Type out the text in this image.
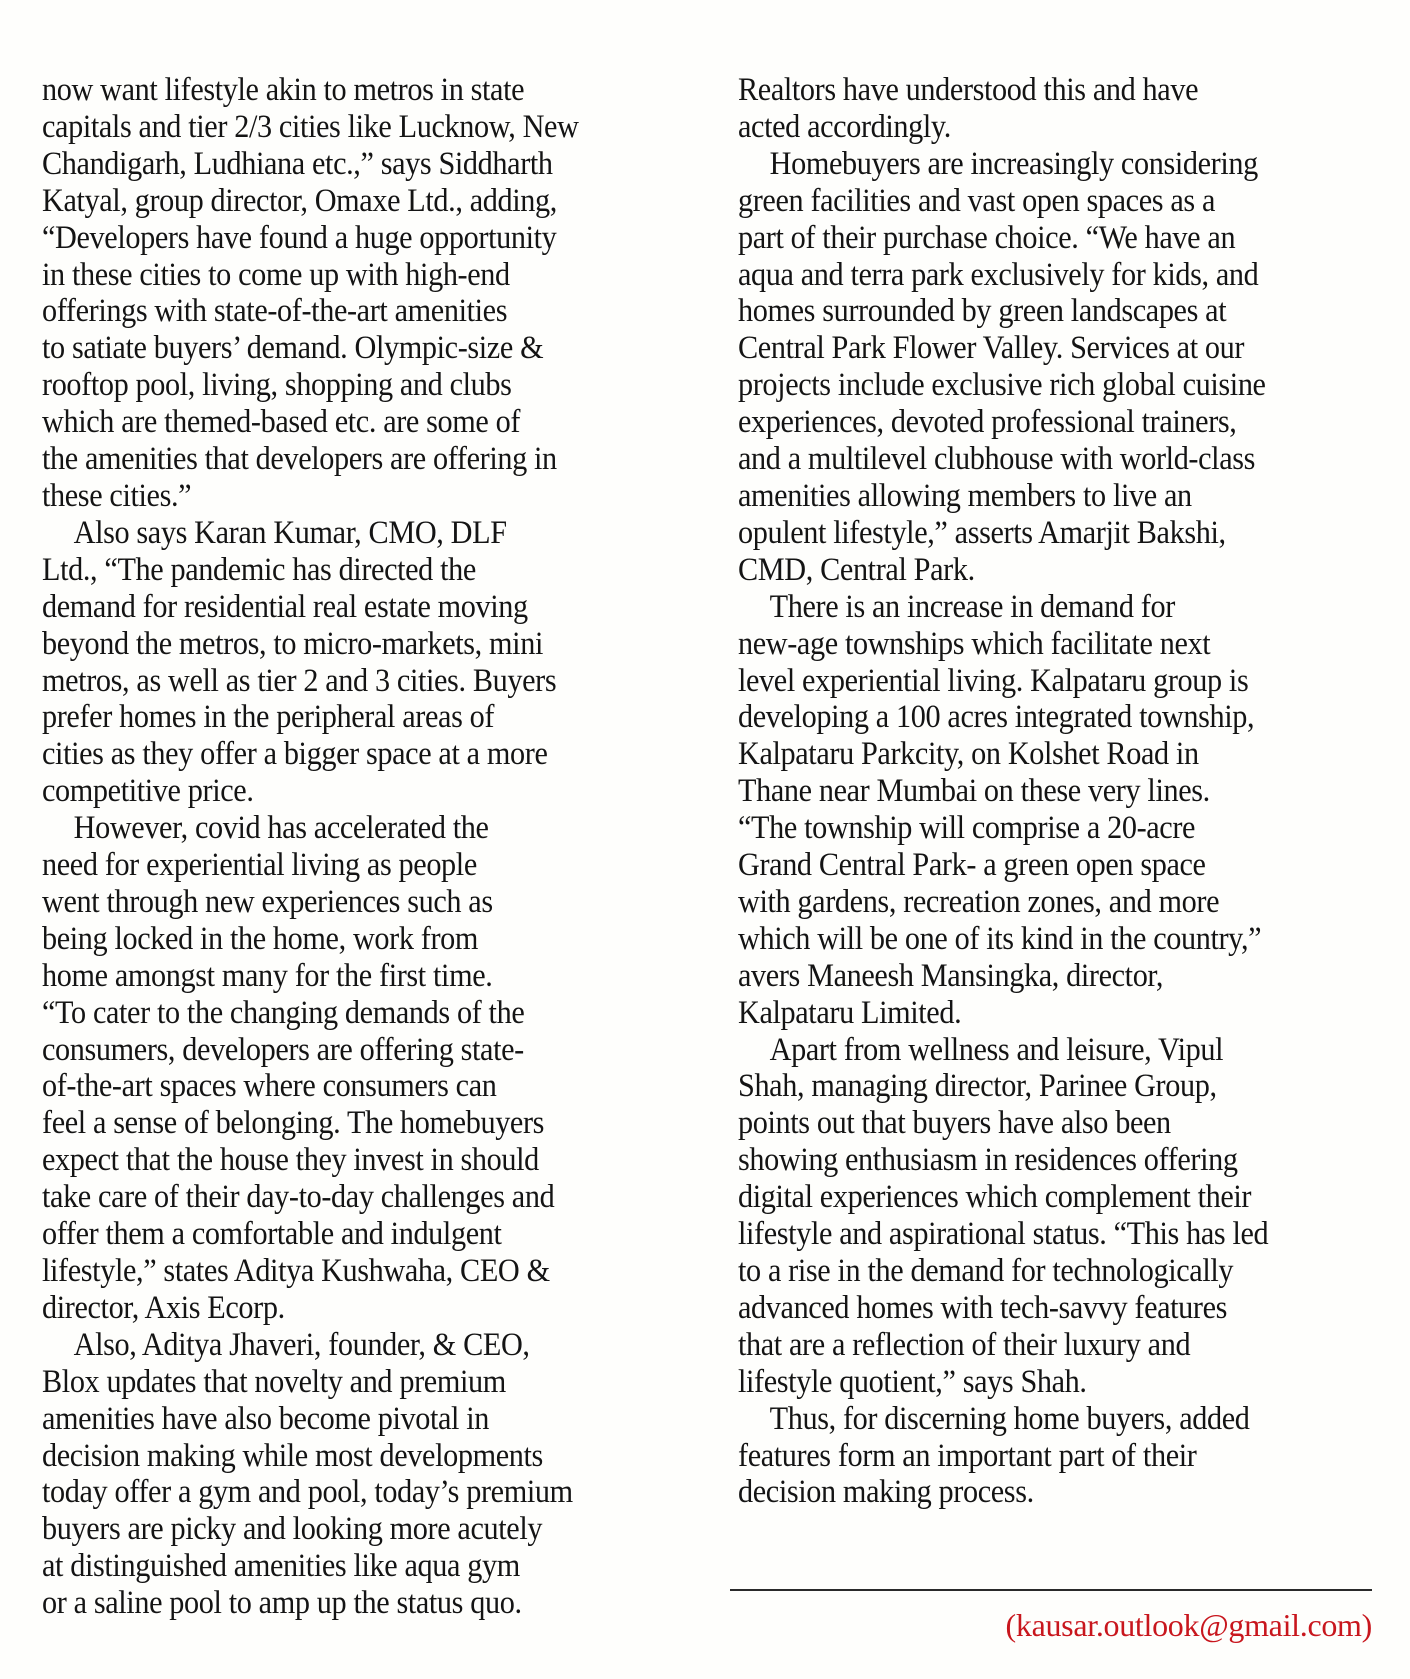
now want lifestyle akin to metros in state
capitals and tier 2/3 cities like Lucknow, New
Chandigarh, Ludhiana etc.,” says Siddharth
Katyal, group director, Omaxe Ltd., adding,
“Developers have found a huge opportunity
in these cities to come up with high-end
offerings with state-of-the-art amenities
to satiate buyers’ demand. Olympic-size &
rooftop pool, living, shopping and clubs
which are themed-based etc. are some of
the amenities that developers are offering in
these cities.”
Also says Karan Kumar, CMO, DLF
Ltd., “The pandemic has directed the
demand for residential real estate moving
beyond the metros, to micro-markets, mini
metros, as well as tier 2 and 3 cities. Buyers
prefer homes in the peripheral areas of
cities as they offer a bigger space at a more
competitive price.
However, covid has accelerated the
need for experiential living as people
went through new experiences such as
being locked in the home, work from
home amongst many for the first time.
“To cater to the changing demands of the
consumers, developers are offering state-
of-the-art spaces where consumers can
feel a sense of belonging. The homebuyers
expect that the house they invest in should
take care of their day-to-day challenges and
offer them a comfortable and indulgent
lifestyle,” states Aditya Kushwaha, CEO &
director, Axis Ecorp.
Also, Aditya Jhaveri, founder, & CEO,
Blox updates that novelty and premium
amenities have also become pivotal in
decision making while most developments
today offer a gym and pool, today’s premium
buyers are picky and looking more acutely
at distinguished amenities like aqua gym
or a saline pool to amp up the status quo.
Realtors have understood this and have
acted accordingly.
Homebuyers are increasingly considering
green facilities and vast open spaces as a
part of their purchase choice. “We have an
aqua and terra park exclusively for kids, and
homes surrounded by green landscapes at
Central Park Flower Valley. Services at our
projects include exclusive rich global cuisine
experiences, devoted professional trainers,
and a multilevel clubhouse with world-class
amenities allowing members to live an
opulent lifestyle,” asserts Amarjit Bakshi,
CMD, Central Park.
There is an increase in demand for
new-age townships which facilitate next
level experiential living. Kalpataru group is
developing a 100 acres integrated township,
Kalpataru Parkcity, on Kolshet Road in
Thane near Mumbai on these very lines.
“The township will comprise a 20-acre
Grand Central Park- a green open space
with gardens, recreation zones, and more
which will be one of its kind in the country,”
avers Maneesh Mansingka, director,
Kalpataru Limited.
Apart from wellness and leisure, Vipul
Shah, managing director, Parinee Group,
points out that buyers have also been
showing enthusiasm in residences offering
digital experiences which complement their
lifestyle and aspirational status. “This has led
to a rise in the demand for technologically
advanced homes with tech-savvy features
that are a reflection of their luxury and
lifestyle quotient,” says Shah.
Thus, for discerning home buyers, added
features form an important part of their
decision making process.
(kausar.outlook@gmail.com)
